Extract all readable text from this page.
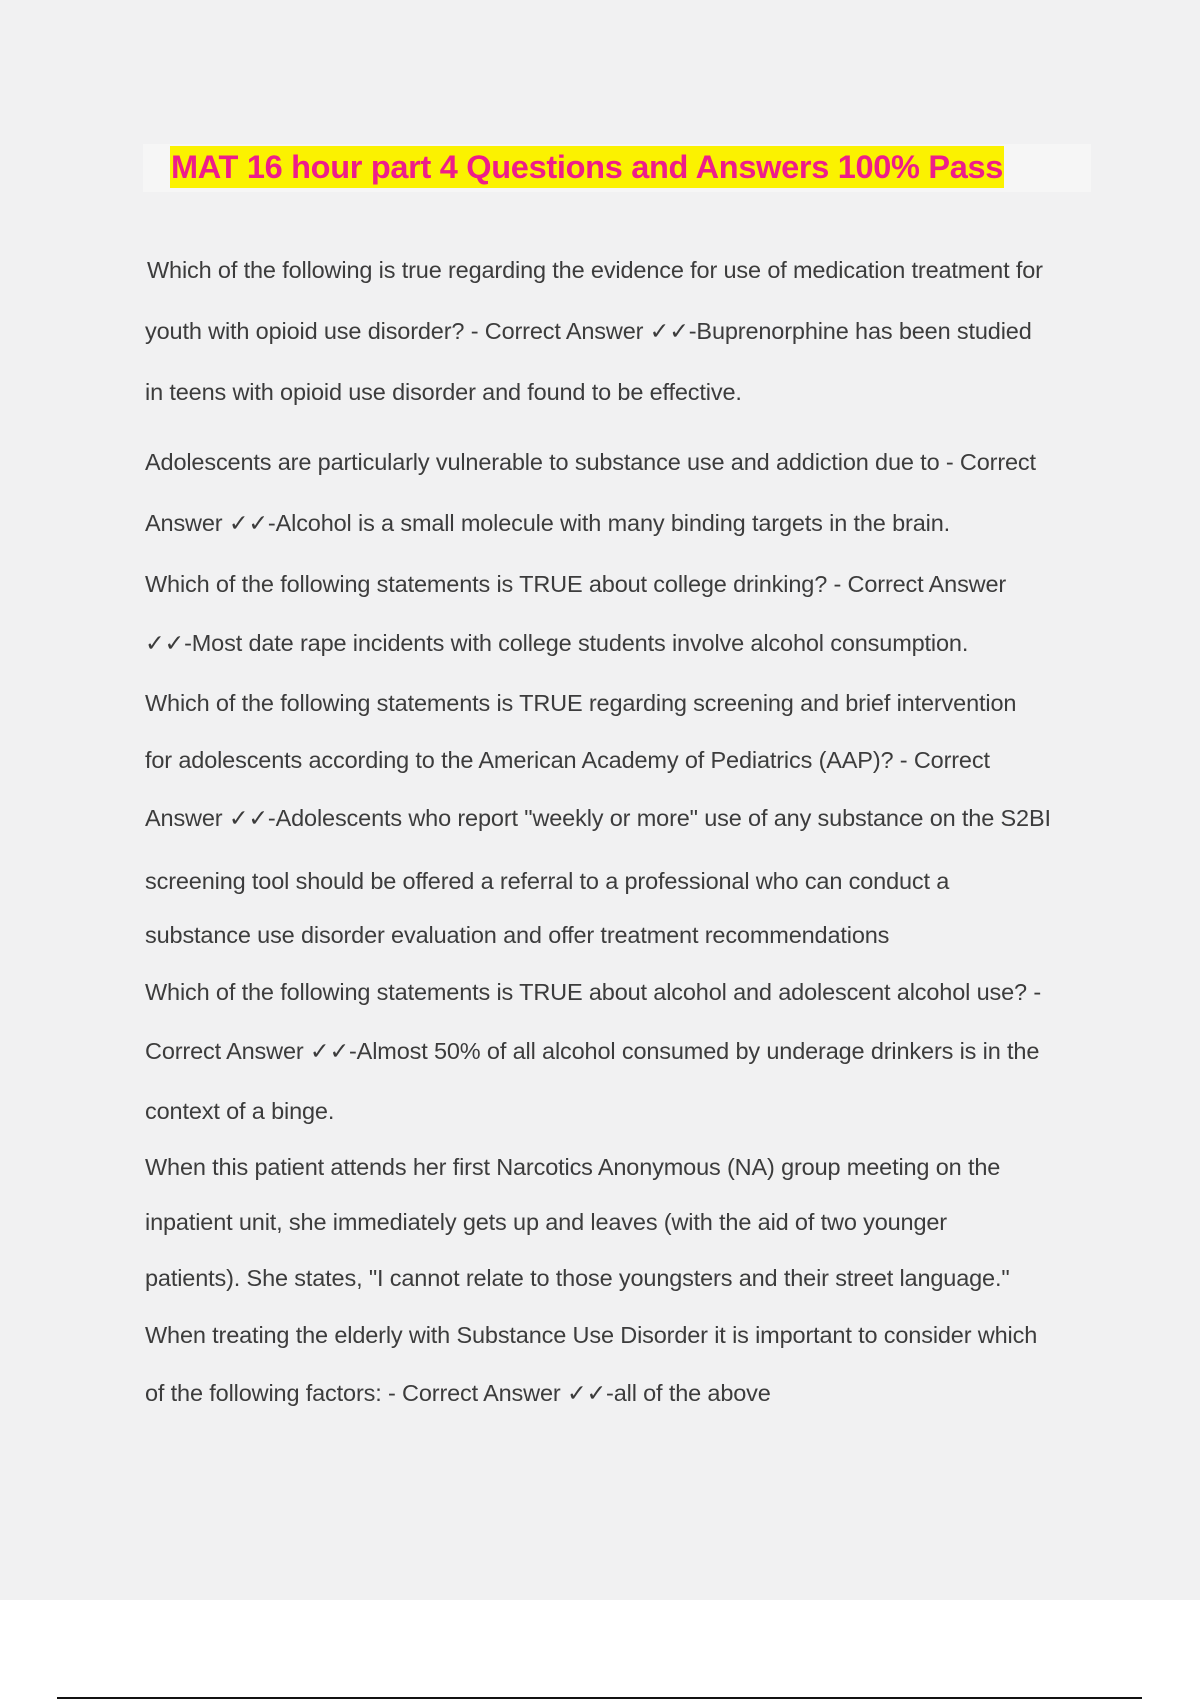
MAT 16 hour part 4 Questions and Answers 100% Pass

Which of the following is true regarding the evidence for use of medication treatment for

youth with opioid use disorder? - Correct Answer ✓✓-Buprenorphine has been studied

in teens with opioid use disorder and found to be effective.

Adolescents are particularly vulnerable to substance use and addiction due to - Correct

Answer ✓✓-Alcohol is a small molecule with many binding targets in the brain.

Which of the following statements is TRUE about college drinking? - Correct Answer

✓✓-Most date rape incidents with college students involve alcohol consumption.

Which of the following statements is TRUE regarding screening and brief intervention

for adolescents according to the American Academy of Pediatrics (AAP)? - Correct

Answer ✓✓-Adolescents who report "weekly or more" use of any substance on the S2BI

screening tool should be offered a referral to a professional who can conduct a

substance use disorder evaluation and offer treatment recommendations

Which of the following statements is TRUE about alcohol and adolescent alcohol use? -

Correct Answer ✓✓-Almost 50% of all alcohol consumed by underage drinkers is in the

context of a binge.

When this patient attends her first Narcotics Anonymous (NA) group meeting on the

inpatient unit, she immediately gets up and leaves (with the aid of two younger

patients). She states, "I cannot relate to those youngsters and their street language."

When treating the elderly with Substance Use Disorder it is important to consider which

of the following factors: - Correct Answer ✓✓-all of the above
